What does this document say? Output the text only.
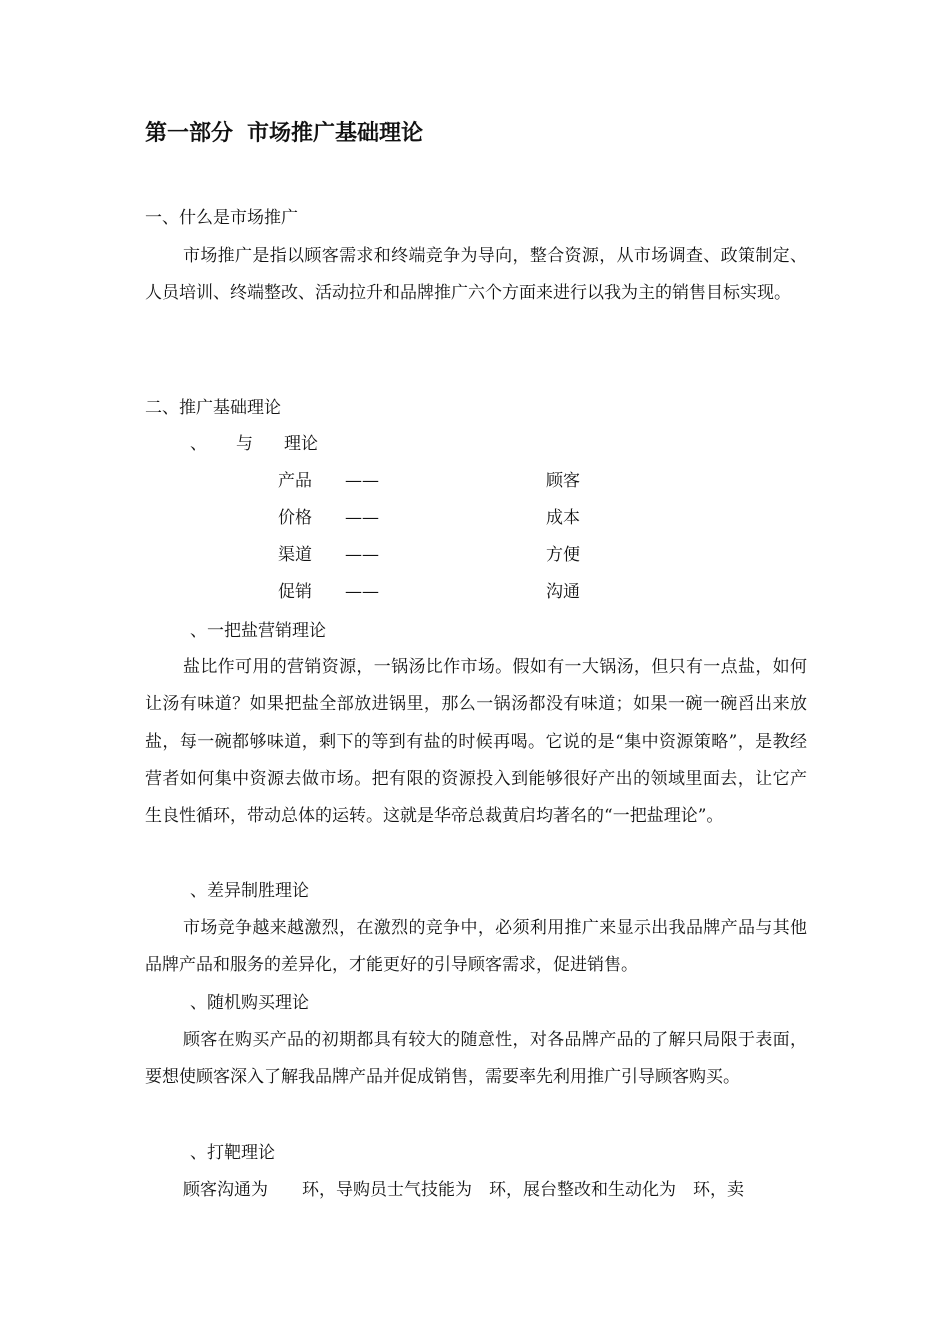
第一部分 市场推广基础理论
一、什么是市场推广
市场推广是指以顾客需求和终端竞争为导向，整合资源，从市场调查、政策制定、人员培训、终端整改、活动拉升和品牌推广六个方面来进行以我为主的销售目标实现。
二、推广基础理论
、 与 理论
产品 ——	顾客
价格 ——	成本
渠道 ——	方便
促销 ——	沟通
、一把盐营销理论
盐比作可用的营销资源，一锅汤比作市场。假如有一大锅汤，但只有一点盐，如何让汤有味道？如果把盐全部放进锅里，那么一锅汤都没有味道；如果一碗一碗舀出来放盐，每一碗都够味道，剩下的等到有盐的时候再喝。它说的是“集中资源策略”，是教经营者如何集中资源去做市场。把有限的资源投入到能够很好产出的领域里面去，让它产生良性循环，带动总体的运转。这就是华帝总裁黄启均著名的“一把盐理论”。
、差异制胜理论
市场竞争越来越激烈，在激烈的竞争中，必须利用推广来显示出我品牌产品与其他品牌产品和服务的差异化，才能更好的引导顾客需求，促进销售。
、随机购买理论
顾客在购买产品的初期都具有较大的随意性，对各品牌产品的了解只局限于表面，要想使顾客深入了解我品牌产品并促成销售，需要率先利用推广引导顾客购买。
、打靶理论
顾客沟通为　　环，导购员士气技能为　环，展台整改和生动化为　环，卖
